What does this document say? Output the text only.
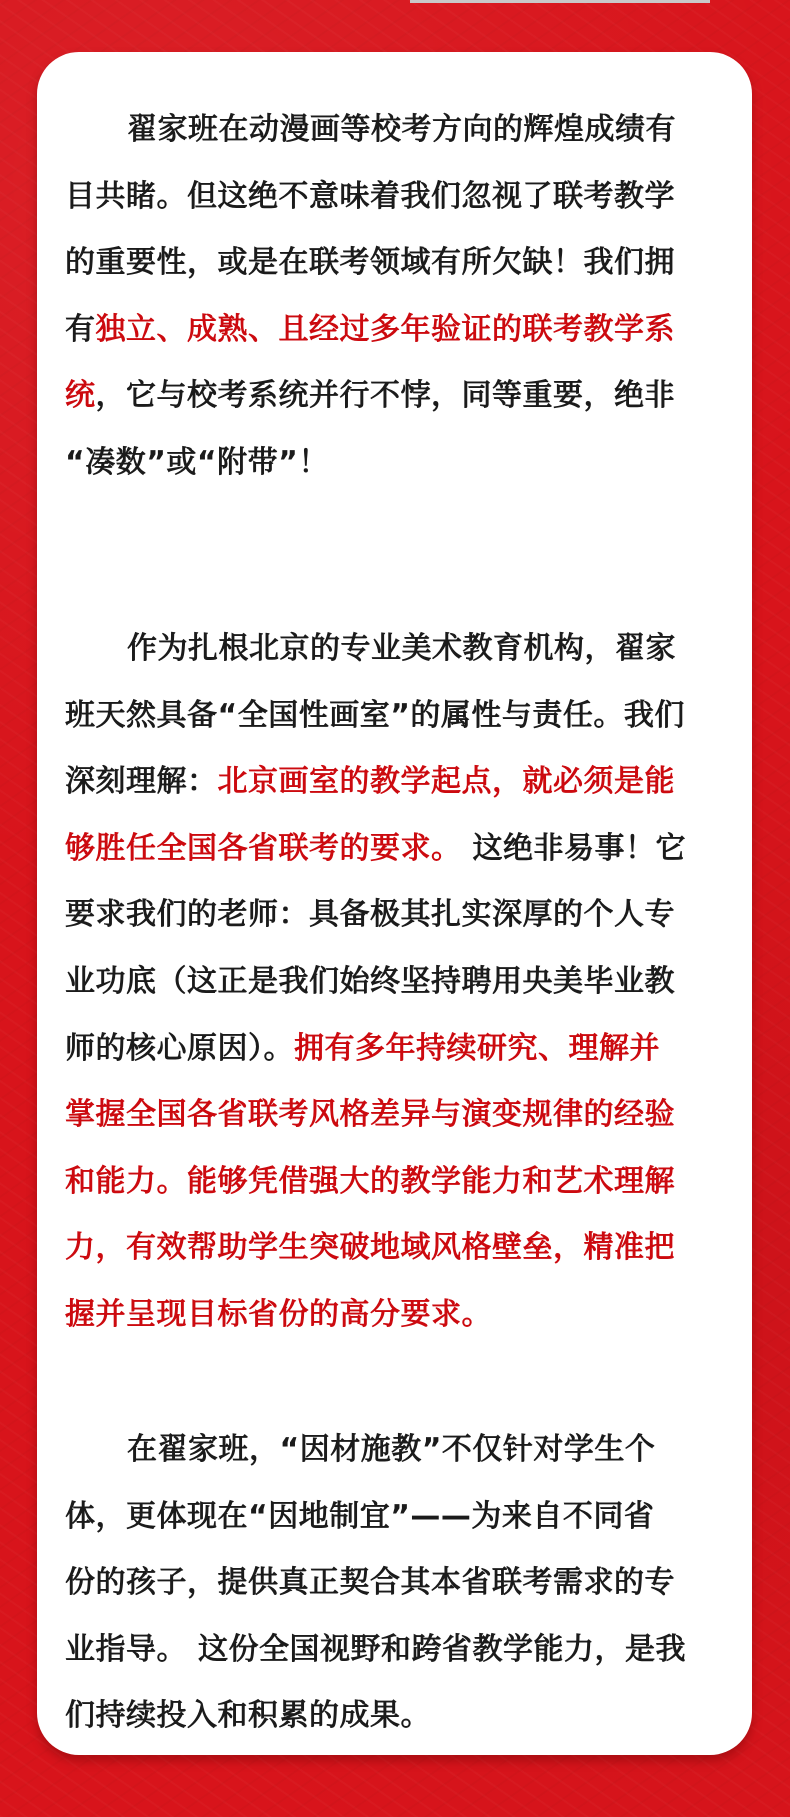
翟家班在动漫画等校考方向的辉煌成绩有
目共睹。但这绝不意味着我们忽视了联考教学
的重要性，或是在联考领域有所欠缺！我们拥
有独立、成熟、且经过多年验证的联考教学系
统，它与校考系统并行不悖，同等重要，绝非
“凑数”或“附带”！
作为扎根北京的专业美术教育机构，翟家
班天然具备“全国性画室”的属性与责任。我们
深刻理解：北京画室的教学起点，就必须是能
够胜任全国各省联考的要求。 这绝非易事！它
要求我们的老师：具备极其扎实深厚的个人专
业功底（这正是我们始终坚持聘用央美毕业教
师的核心原因）。拥有多年持续研究、理解并
掌握全国各省联考风格差异与演变规律的经验
和能力。能够凭借强大的教学能力和艺术理解
力，有效帮助学生突破地域风格壁垒，精准把
握并呈现目标省份的高分要求。
在翟家班，“因材施教”不仅针对学生个
体，更体现在“因地制宜”——为来自不同省
份的孩子，提供真正契合其本省联考需求的专
业指导。 这份全国视野和跨省教学能力，是我
们持续投入和积累的成果。
